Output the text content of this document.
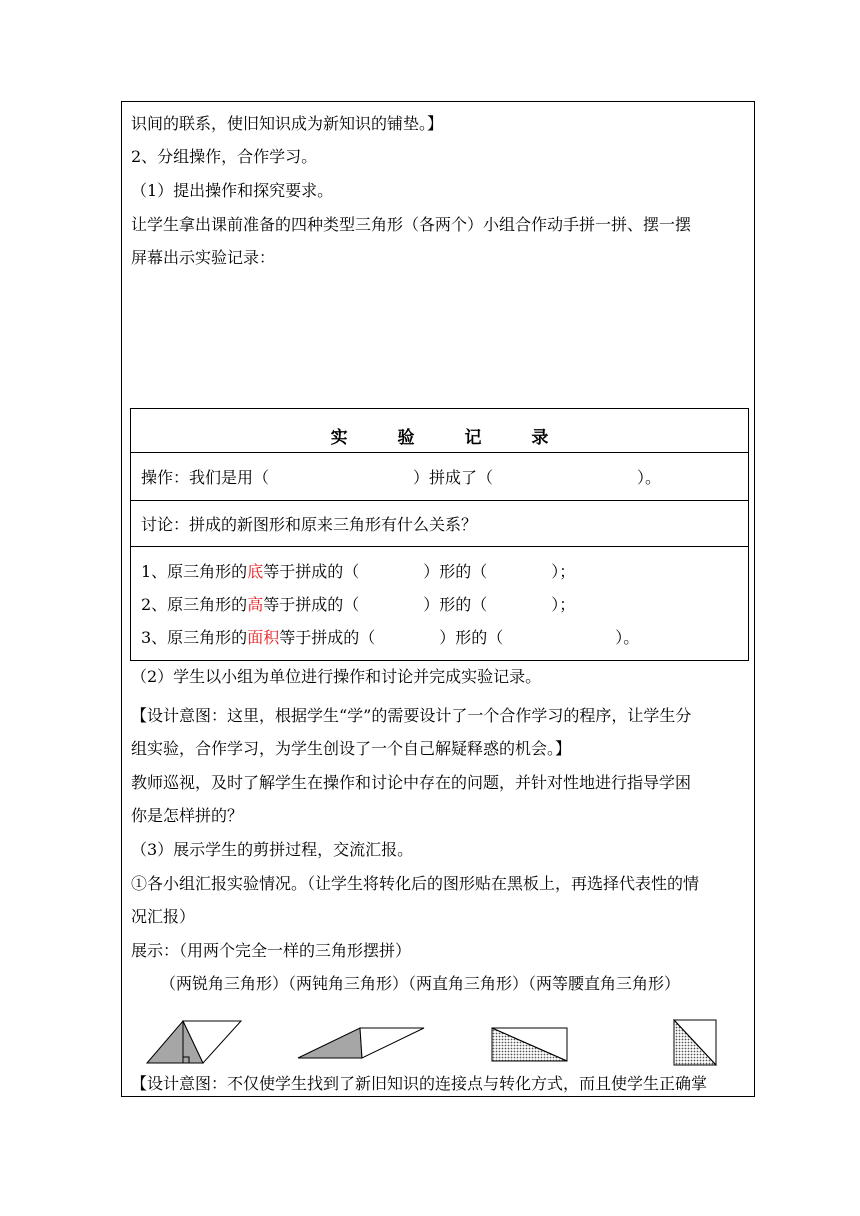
识间的联系，使旧知识成为新知识的铺垫。】
2、分组操作，合作学习。
（1）提出操作和探究要求。
让学生拿出课前准备的四种类型三角形（各两个）小组合作动手拼一拼、摆一摆
屏幕出示实验记录：
实 验 记 录
操作：我们是用（　　　　　　　　　）拼成了（　　　　　　　　　）。
讨论：拼成的新图形和原来三角形有什么关系？
1、原三角形的底等于拼成的（　　　　）形的（　　　　）；
2、原三角形的高等于拼成的（　　　　）形的（　　　　）；
3、原三角形的面积等于拼成的（　　　　）形的（　　　　　　　）。
（2）学生以小组为单位进行操作和讨论并完成实验记录。
【设计意图：这里，根据学生“学”的需要设计了一个合作学习的程序，让学生分
组实验，合作学习，为学生创设了一个自己解疑释惑的机会。】
教师巡视，及时了解学生在操作和讨论中存在的问题，并针对性地进行指导学困
你是怎样拼的？
（3）展示学生的剪拼过程，交流汇报。
①各小组汇报实验情况。（让学生将转化后的图形贴在黑板上，再选择代表性的情
况汇报）
展示：（用两个完全一样的三角形摆拼）
（两锐角三角形）（两钝角三角形）（两直角三角形）（两等腰直角三角形）
【设计意图：不仅使学生找到了新旧知识的连接点与转化方式，而且使学生正确掌
